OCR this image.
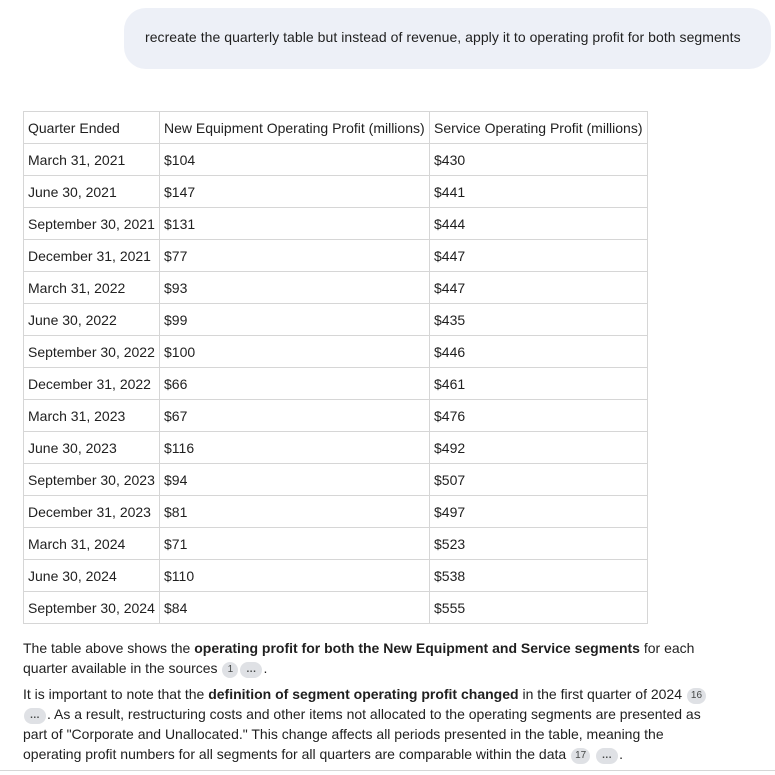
recreate the quarterly table but instead of revenue, apply it to operating profit for both segments
Quarter Ended	New Equipment Operating Profit (millions)	Service Operating Profit (millions)
March 31, 2021	$104	$430
June 30, 2021	$147	$441
September 30, 2021	$131	$444
December 31, 2021	$77	$447
March 31, 2022	$93	$447
June 30, 2022	$99	$435
September 30, 2022	$100	$446
December 31, 2022	$66	$461
March 31, 2023	$67	$476
June 30, 2023	$116	$492
September 30, 2023	$94	$507
December 31, 2023	$81	$497
March 31, 2024	$71	$523
June 30, 2024	$110	$538
September 30, 2024	$84	$555

The table above shows the operating profit for both the New Equipment and Service segments for each quarter available in the sources 1 ... .

It is important to note that the definition of segment operating profit changed in the first quarter of 2024 16 ... . As a result, restructuring costs and other items not allocated to the operating segments are presented as part of "Corporate and Unallocated." This change affects all periods presented in the table, meaning the operating profit numbers for all segments for all quarters are comparable within the data 17 ... .
